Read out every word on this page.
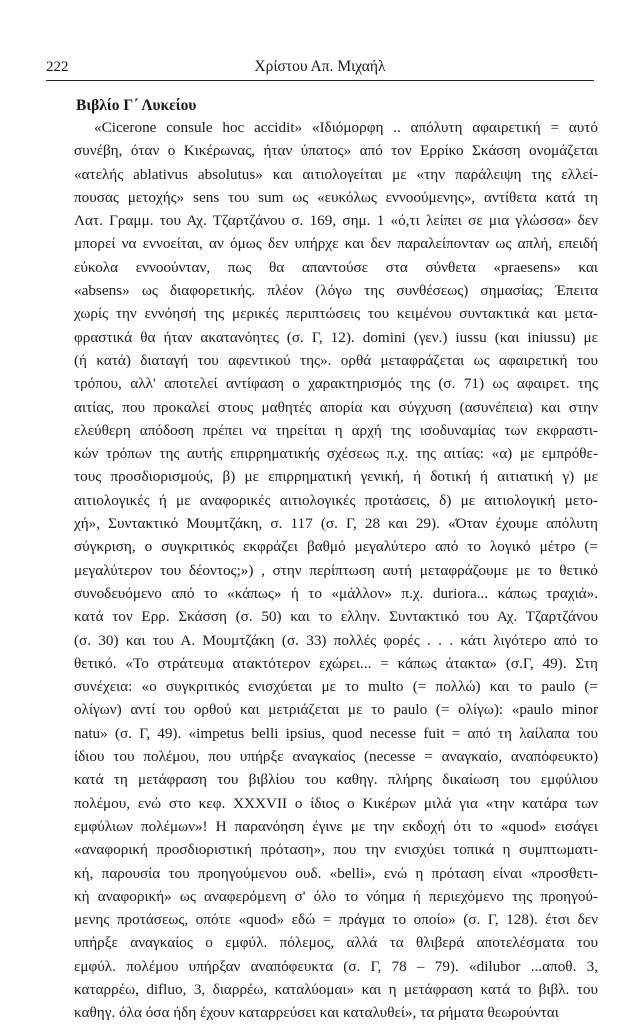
222	Χρίστου Απ. Μιχαήλ
Βιβλίο Γ΄ Λυκείου
«Cicerone consule hoc accidit» «Ιδιόμορφη .. απόλυτη αφαιρετική = αυτό
συνέβη, όταν ο Κικέρωνας, ήταν ύπατος» από τον Ερρίκο Σκάσση ονομάζεται
«ατελής ablativus absolutus» και αιτιολογείται με «την παράλειψη της ελλεί-
πουσας μετοχής» sens του sum ως «ευκόλως εννοούμενης», αντίθετα κατά τη
Λατ. Γραμμ. του Αχ. Τζαρτζάνου σ. 169, σημ. 1 «ό,τι λείπει σε μια γλώσσα» δεν
μπορεί να εννοείται, αν όμως δεν υπήρχε και δεν παραλείπονταν ως απλή, επειδή
εύκολα εννοούνταν, πως θα απαντούσε στα σύνθετα «praesens» και
«absens» ως διαφορετικής. πλέον (λόγω της συνθέσεως) σημασίας; Έπειτα
χωρίς την εννόησή της μερικές περιπτώσεις του κειμένου συντακτικά και μετα-
φραστικά θα ήταν ακατανόητες (σ. Γ, 12). domini (γεν.) iussu (και iniussu) με
(ή κατά) διαταγή του αφεντικού της». ορθά μεταφράζεται ως αφαιρετική του
τρόπου, αλλ' αποτελεί αντίφαση ο χαρακτηρισμός της (σ. 71) ως αφαιρετ. της
αιτίας, που προκαλεί στους μαθητές απορία και σύγχυση (ασυνέπεια) και στην
ελεύθερη απόδοση πρέπει να τηρείται η αρχή της ισοδυναμίας των εκφραστι-
κών τρόπων της αυτής επιρρηματικής σχέσεως π.χ. της αιτίας: «α) με εμπρόθε-
τους προσδιορισμούς, β) με επιρρηματική γενική, ή δοτική ή αιτιατική γ) με
αιτιολογικές ή με αναφορικές αιτιολογικές προτάσεις, δ) με αιτιολογική μετο-
χή», Συντακτικό Μουμτζάκη, σ. 117 (σ. Γ, 28 και 29). «Όταν έχουμε απόλυτη
σύγκριση, ο συγκριτικός εκφράζει βαθμό μεγαλύτερο από το λογικό μέτρο (=
μεγαλύτερον του δέοντος;») , στην περίπτωση αυτή μεταφράζουμε με το θετικό
συνοδευόμενο από το «κάπως» ή το «μάλλον» π.χ. duriora... κάπως τραχιά».
κατά τον Ερρ. Σκάσση (σ. 50) και το ελλην. Συντακτικό του Αχ. Τζαρτζάνου
(σ. 30) και του Α. Μουμτζάκη (σ. 33) πολλές φορές . . . κάτι λιγότερο από το
θετικό. «Το στράτευμα ατακτότερον εχώρει... = κάπως άτακτα» (σ.Γ, 49). Στη
συνέχεια: «ο συγκριτικός ενισχύεται με το multo (= πολλώ) και το paulo (=
ολίγων) αντί του ορθού και μετριάζεται με το paulo (= ολίγω): «paulo minor
natu» (σ. Γ, 49). «impetus belli ipsius, quod necesse fuit = από τη λαίλαπα του
ίδιου του πολέμου, που υπήρξε αναγκαίος (necesse = αναγκαίο, αναπόφευκτο)
κατά τη μετάφραση του βιβλίου του καθηγ. πλήρης δικαίωση του εμφύλιου
πολέμου, ενώ στο κεφ. XXXVII ο ίδιος ο Κικέρων μιλά για «την κατάρα των
εμφύλιων πολέμων»! Η παρανόηση έγινε με την εκδοχή ότι το «quod» εισάγει
«αναφορική προσδιοριστική πρόταση», που την ενισχύει τοπικά η συμπτωματι-
κή, παρουσία του προηγούμενου ουδ. «belli», ενώ η πρόταση είναι «προσθετι-
κή αναφορική» ως αναφερόμενη σ' όλο το νόημα ή περιεχόμενο της προηγού-
μενης προτάσεως, οπότε «quod» εδώ = πράγμα το οποίο» (σ. Γ, 128). έτσι δεν
υπήρξε αναγκαίος ο εμφύλ. πόλεμος, αλλά τα θλιβερά αποτελέσματα του
εμφύλ. πολέμου υπήρξαν αναπόφευκτα (σ. Γ, 78 – 79). «dilubor ...αποθ. 3,
καταρρέω, difluo, 3, διαρρέω, καταλύομαι» και η μετάφραση κατά το βιβλ. του
καθηγ. όλα όσα ήδη έχουν καταρρεύσει και καταλυθεί», τα ρήματα θεωρούνται
